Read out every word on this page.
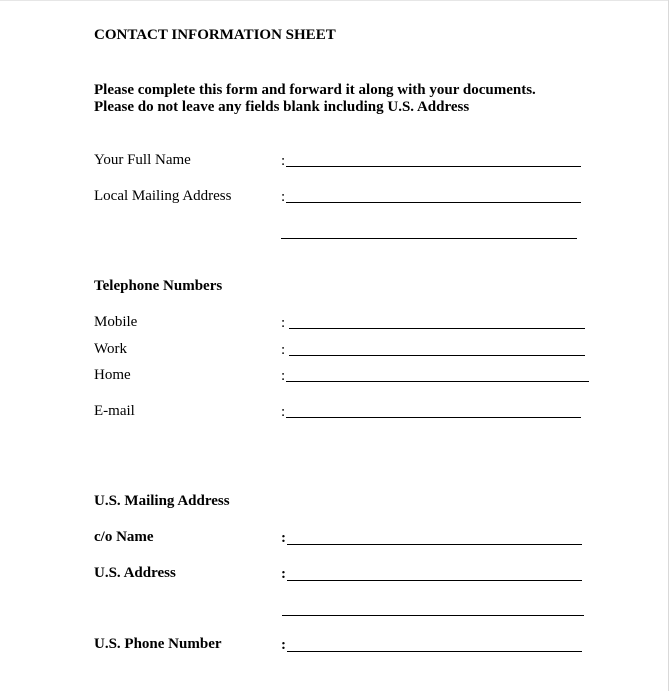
CONTACT INFORMATION SHEET
Please complete this form and forward it along with your documents.
Please do not leave any fields blank including U.S. Address
Your Full Name	:
Local Mailing Address	:
Telephone Numbers
Mobile	:
Work	:
Home	:
E-mail	:
U.S. Mailing Address
c/o Name	:
U.S. Address	:
U.S. Phone Number	:
